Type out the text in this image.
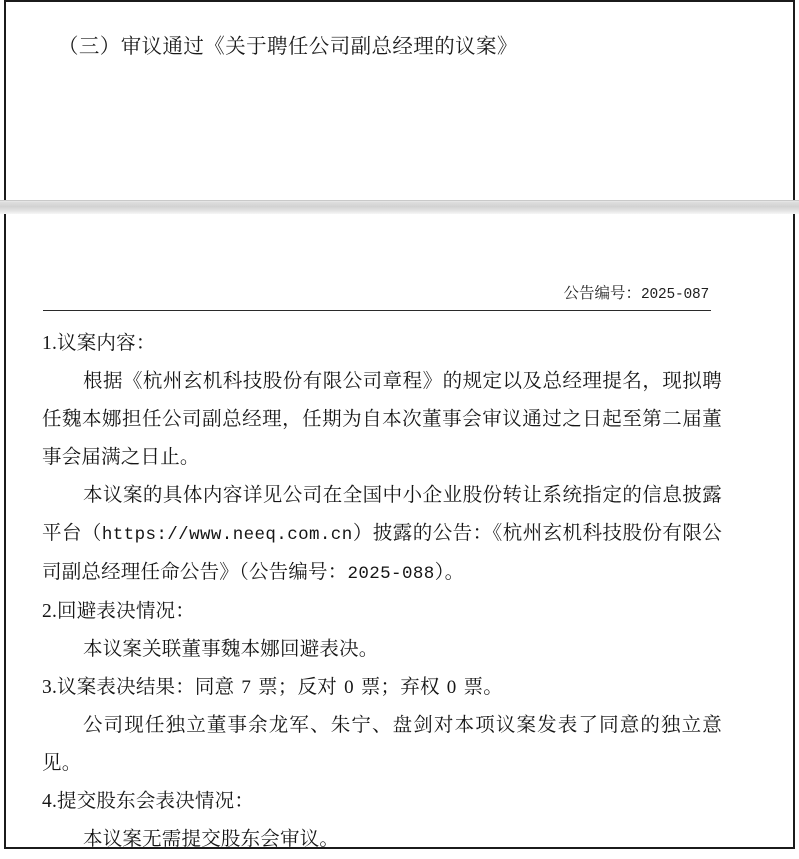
（三）审议通过《关于聘任公司副总经理的议案》
公告编号：2025-087

1.议案内容：

根据《杭州玄机科技股份有限公司章程》的规定以及总经理提名，现拟聘任魏本娜担任公司副总经理，任期为自本次董事会审议通过之日起至第二届董事会届满之日止。

本议案的具体内容详见公司在全国中小企业股份转让系统指定的信息披露平台（https://www.neeq.com.cn）披露的公告：《杭州玄机科技股份有限公司副总经理任命公告》（公告编号：2025-088）。

2.回避表决情况：

本议案关联董事魏本娜回避表决。

3.议案表决结果：同意 7 票；反对 0 票；弃权 0 票。

公司现任独立董事余龙军、朱宁、盘剑对本项议案发表了同意的独立意见。

4.提交股东会表决情况：

本议案无需提交股东会审议。
